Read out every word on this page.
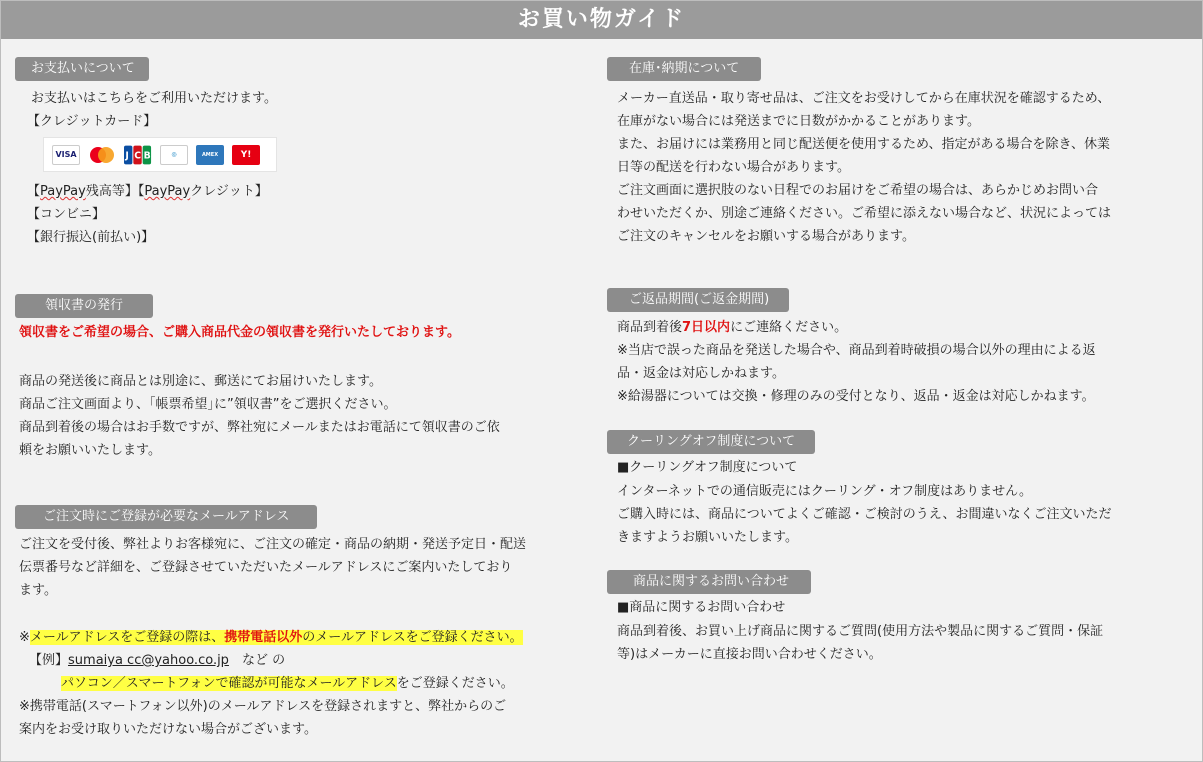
お買い物ガイド
お支払いについて
お支払いはこちらをご利用いただけます。
【クレジットカード】
VISA	J C B	◎	AMEX	Y!
【PayPay残高等】【PayPayクレジット】
【コンビニ】
【銀行振込(前払い)】
領収書の発行
領収書をご希望の場合、ご購入商品代金の領収書を発行いたしております。
商品の発送後に商品とは別途に、郵送にてお届けいたします。
商品ご注文画面より、｢帳票希望｣に”領収書”をご選択ください。
商品到着後の場合はお手数ですが、弊社宛にメールまたはお電話にて領収書のご依
頼をお願いいたします。
ご注文時にご登録が必要なメールアドレス
ご注文を受付後、弊社よりお客様宛に、ご注文の確定・商品の納期・発送予定日・配送
伝票番号など詳細を、ご登録させていただいたメールアドレスにご案内いたしており
ます。
※メールアドレスをご登録の際は、携帯電話以外のメールアドレスをご登録ください。
【例】sumaiya cc@yahoo.co.jp　など の
パソコン／スマートフォンで確認が可能なメールアドレスをご登録ください。
※携帯電話(スマートフォン以外)のメールアドレスを登録されますと、弊社からのご
案内をお受け取りいただけない場合がございます。
在庫･納期について
メーカー直送品・取り寄せ品は、ご注文をお受けしてから在庫状況を確認するため、
在庫がない場合には発送までに日数がかかることがあります。
また、お届けには業務用と同じ配送便を使用するため、指定がある場合を除き、休業
日等の配送を行わない場合があります。
ご注文画面に選択肢のない日程でのお届けをご希望の場合は、あらかじめお問い合
わせいただくか、別途ご連絡ください。ご希望に添えない場合など、状況によっては
ご注文のキャンセルをお願いする場合があります。
ご返品期間(ご返金期間)
商品到着後7日以内にご連絡ください。
※当店で誤った商品を発送した場合や、商品到着時破損の場合以外の理由による返
品・返金は対応しかねます。
※給湯器については交換・修理のみの受付となり、返品・返金は対応しかねます。
クーリングオフ制度について
■クーリングオフ制度について
インターネットでの通信販売にはクーリング・オフ制度はありません。
ご購入時には、商品についてよくご確認・ご検討のうえ、お間違いなくご注文いただ
きますようお願いいたします。
商品に関するお問い合わせ
■商品に関するお問い合わせ
商品到着後、お買い上げ商品に関するご質問(使用方法や製品に関するご質問・保証
等)はメーカーに直接お問い合わせください。
